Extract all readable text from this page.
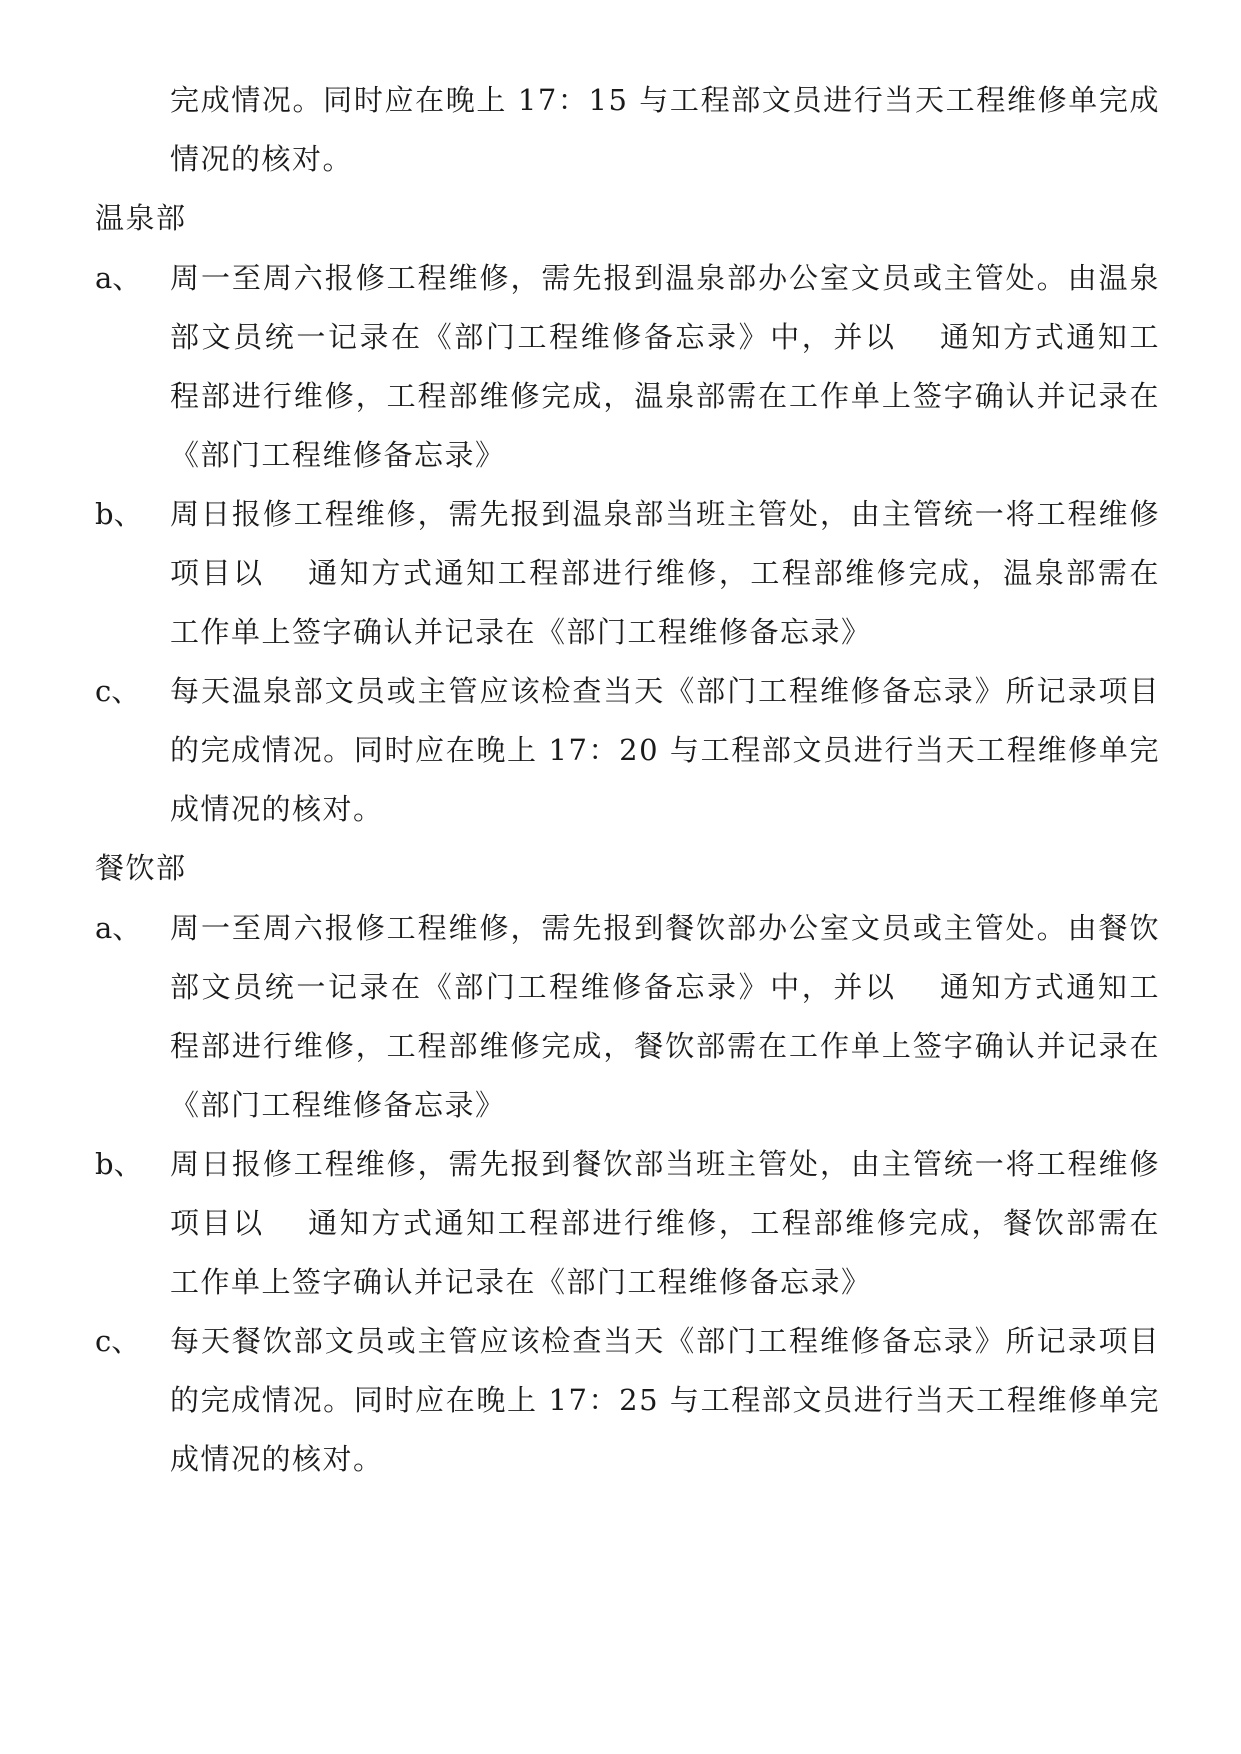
完成情况。同时应在晚上 17：15 与工程部文员进行当天工程维修单完成
情况的核对。
温泉部
a、 周一至周六报修工程维修，需先报到温泉部办公室文员或主管处。由温泉
部文员统一记录在《部门工程维修备忘录》中，并以　 通知方式通知工
程部进行维修，工程部维修完成，温泉部需在工作单上签字确认并记录在
《部门工程维修备忘录》
b、 周日报修工程维修，需先报到温泉部当班主管处，由主管统一将工程维修
项目以　 通知方式通知工程部进行维修，工程部维修完成，温泉部需在
工作单上签字确认并记录在《部门工程维修备忘录》
c、 每天温泉部文员或主管应该检查当天《部门工程维修备忘录》所记录项目
的完成情况。同时应在晚上 17：20 与工程部文员进行当天工程维修单完
成情况的核对。
餐饮部
a、 周一至周六报修工程维修，需先报到餐饮部办公室文员或主管处。由餐饮
部文员统一记录在《部门工程维修备忘录》中，并以　 通知方式通知工
程部进行维修，工程部维修完成，餐饮部需在工作单上签字确认并记录在
《部门工程维修备忘录》
b、 周日报修工程维修，需先报到餐饮部当班主管处，由主管统一将工程维修
项目以　 通知方式通知工程部进行维修，工程部维修完成，餐饮部需在
工作单上签字确认并记录在《部门工程维修备忘录》
c、 每天餐饮部文员或主管应该检查当天《部门工程维修备忘录》所记录项目
的完成情况。同时应在晚上 17：25 与工程部文员进行当天工程维修单完
成情况的核对。
